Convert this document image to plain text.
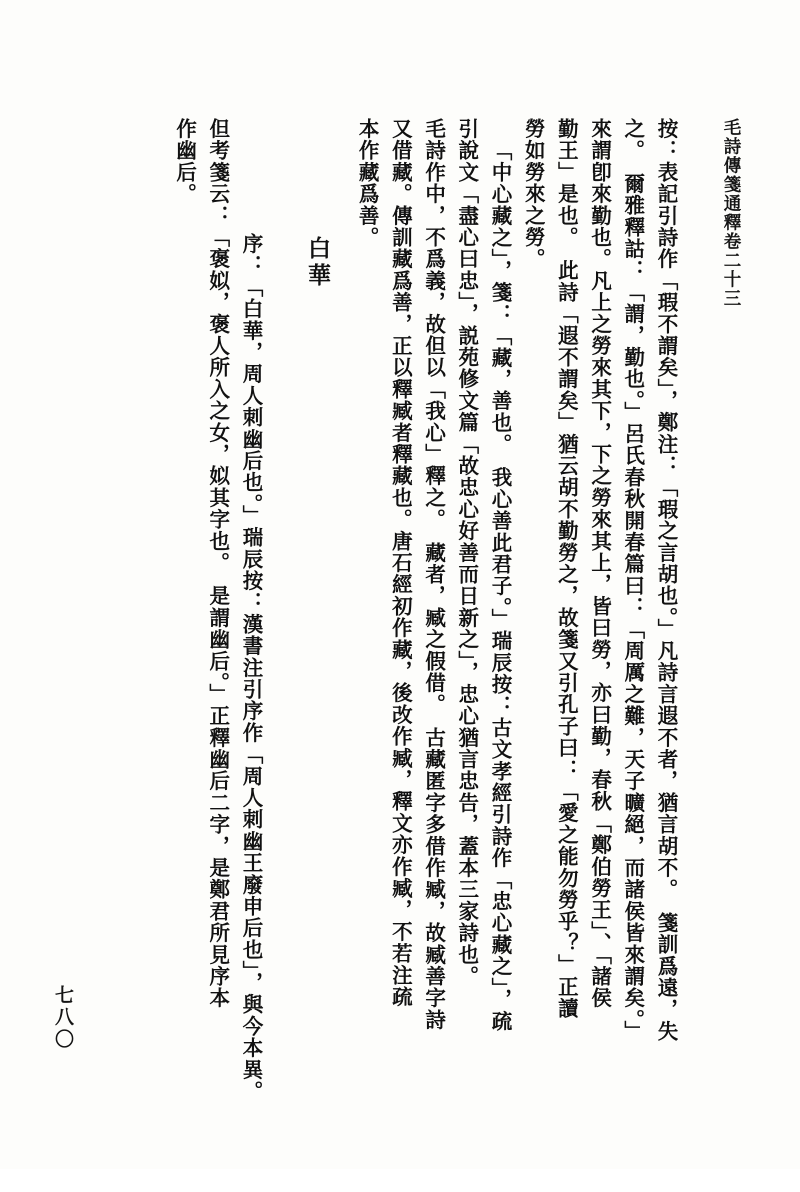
毛詩傳箋通釋卷二十三
七八〇	按：表記引詩作「瑕不謂矣」，鄭注：「瑕之言胡也。」凡詩言遐不者，猶言胡不。　箋訓爲遠，失
之。　爾雅釋詁：「謂，勤也。」呂氏春秋開春篇曰：「周厲之難，天子曠絕，而諸侯皆來謂矣。」
來謂卽來勤也。凡上之勞來其下，下之勞來其上，皆曰勞，亦曰勤，春秋「鄭伯勞王」、「諸侯
勤王」是也。　此詩「遐不謂矣」猶云胡不勤勞之，故箋又引孔子曰：「愛之能勿勞乎？」正讀
勞如勞來之勞。
「中心藏之」，箋：「藏，善也。　我心善此君子。」瑞辰按：古文孝經引詩作「忠心藏之」，疏
引說文「盡心曰忠」，説苑修文篇「故忠心好善而日新之」，忠心猶言忠告，蓋本三家詩也。
毛詩作中，不爲義，故但以「我心」釋之。　藏者，臧之假借。　古藏匿字多借作臧，故臧善字詩
又借藏。傳訓藏爲善，正以釋臧者釋藏也。唐石經初作藏，後改作臧，釋文亦作臧，不若注疏
本作藏爲善。
白華
序：「白華，周人刺幽后也。」瑞辰按：漢書注引序作「周人刺幽王廢申后也」，與今本異。
但考箋云：「褒姒，褒人所入之女，姒其字也。　是謂幽后。」正釋幽后二字，是鄭君所見序本
作幽后。
